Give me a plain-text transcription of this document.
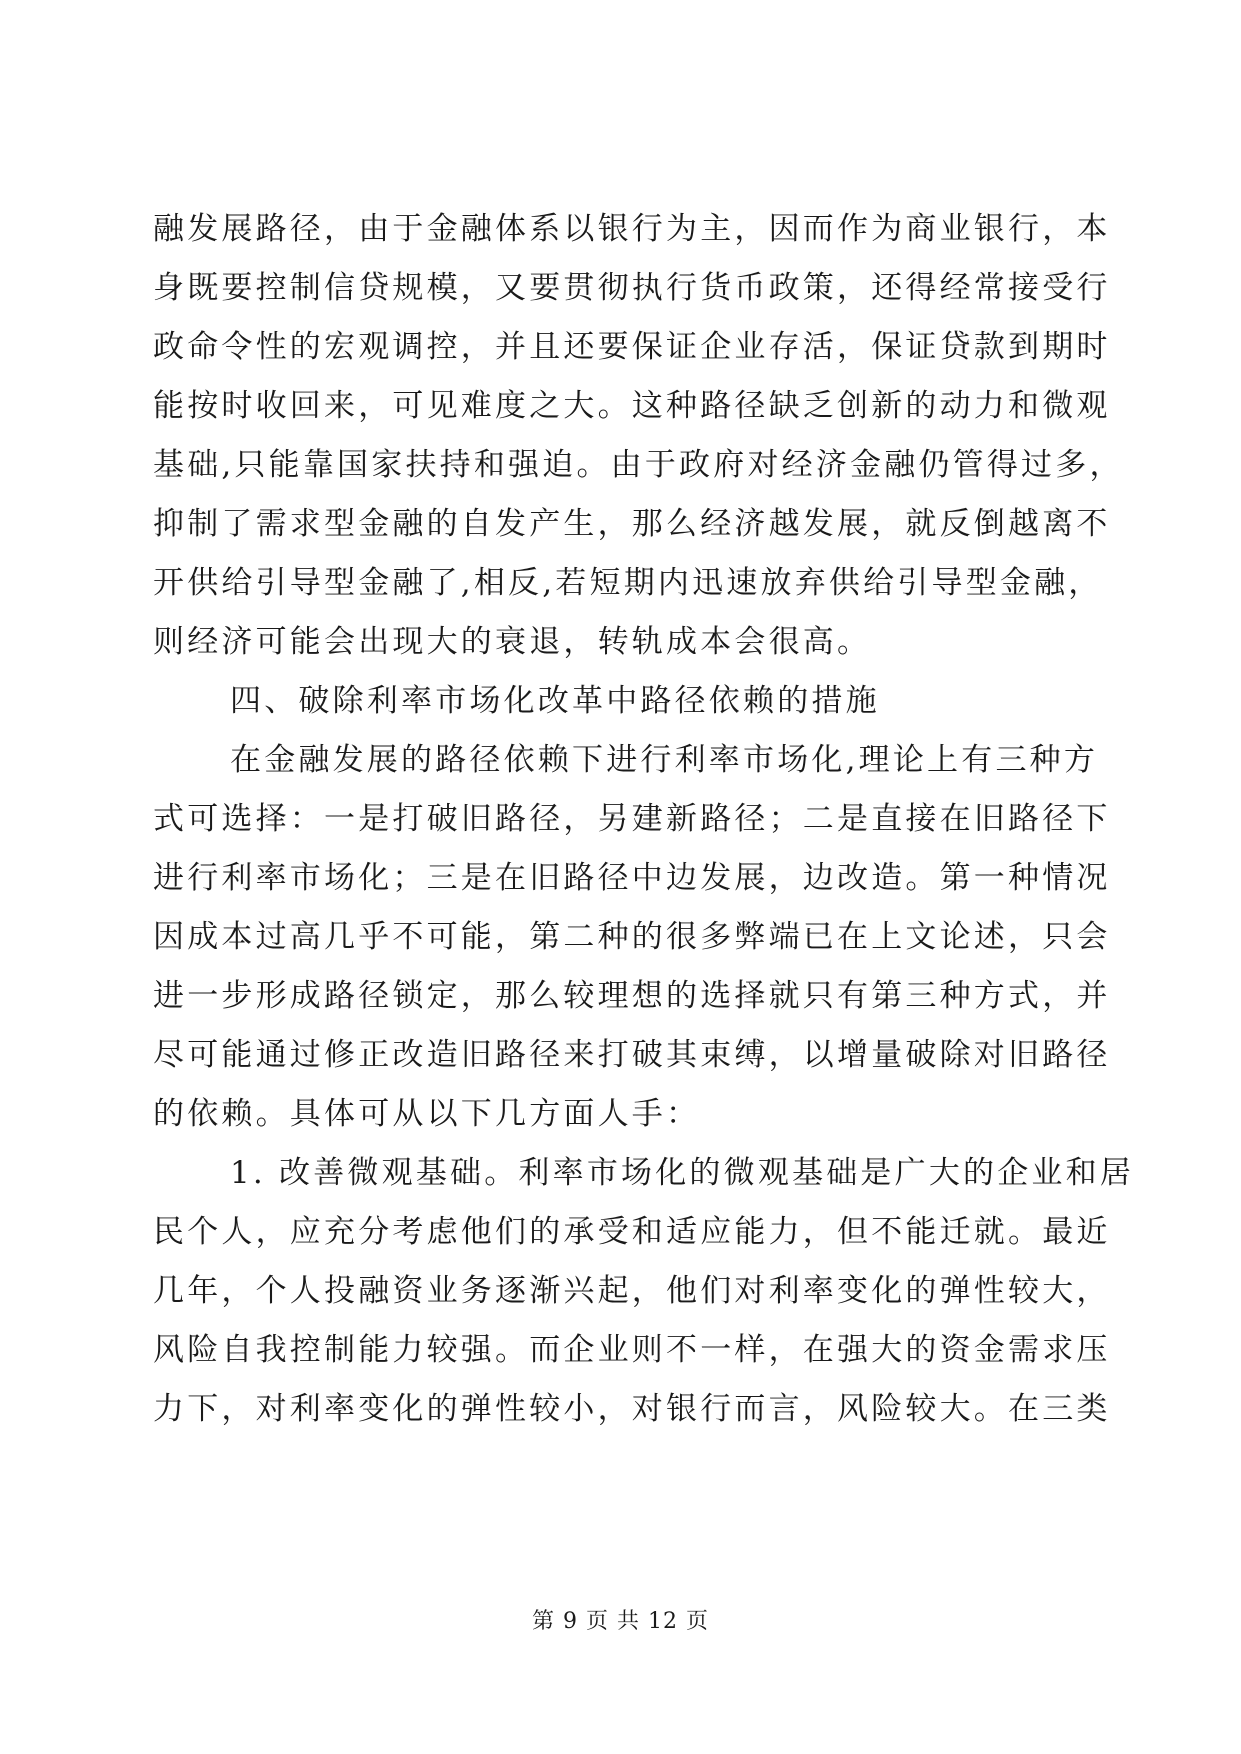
融发展路径，由于金融体系以银行为主，因而作为商业银行，本
身既要控制信贷规模，又要贯彻执行货币政策，还得经常接受行
政命令性的宏观调控，并且还要保证企业存活，保证贷款到期时
能按时收回来，可见难度之大。这种路径缺乏创新的动力和微观
基础,只能靠国家扶持和强迫。由于政府对经济金融仍管得过多，
抑制了需求型金融的自发产生，那么经济越发展，就反倒越离不
开供给引导型金融了,相反,若短期内迅速放弃供给引导型金融，
则经济可能会出现大的衰退，转轨成本会很高。
四、破除利率市场化改革中路径依赖的措施
在金融发展的路径依赖下进行利率市场化,理论上有三种方
式可选择：一是打破旧路径，另建新路径；二是直接在旧路径下
进行利率市场化；三是在旧路径中边发展，边改造。第一种情况
因成本过高几乎不可能，第二种的很多弊端已在上文论述，只会
进一步形成路径锁定，那么较理想的选择就只有第三种方式，并
尽可能通过修正改造旧路径来打破其束缚，以增量破除对旧路径
的依赖。具体可从以下几方面人手：
1. 改善微观基础。利率市场化的微观基础是广大的企业和居
民个人，应充分考虑他们的承受和适应能力，但不能迁就。最近
几年，个人投融资业务逐渐兴起，他们对利率变化的弹性较大，
风险自我控制能力较强。而企业则不一样，在强大的资金需求压
力下，对利率变化的弹性较小，对银行而言，风险较大。在三类
第 9 页 共 12 页
